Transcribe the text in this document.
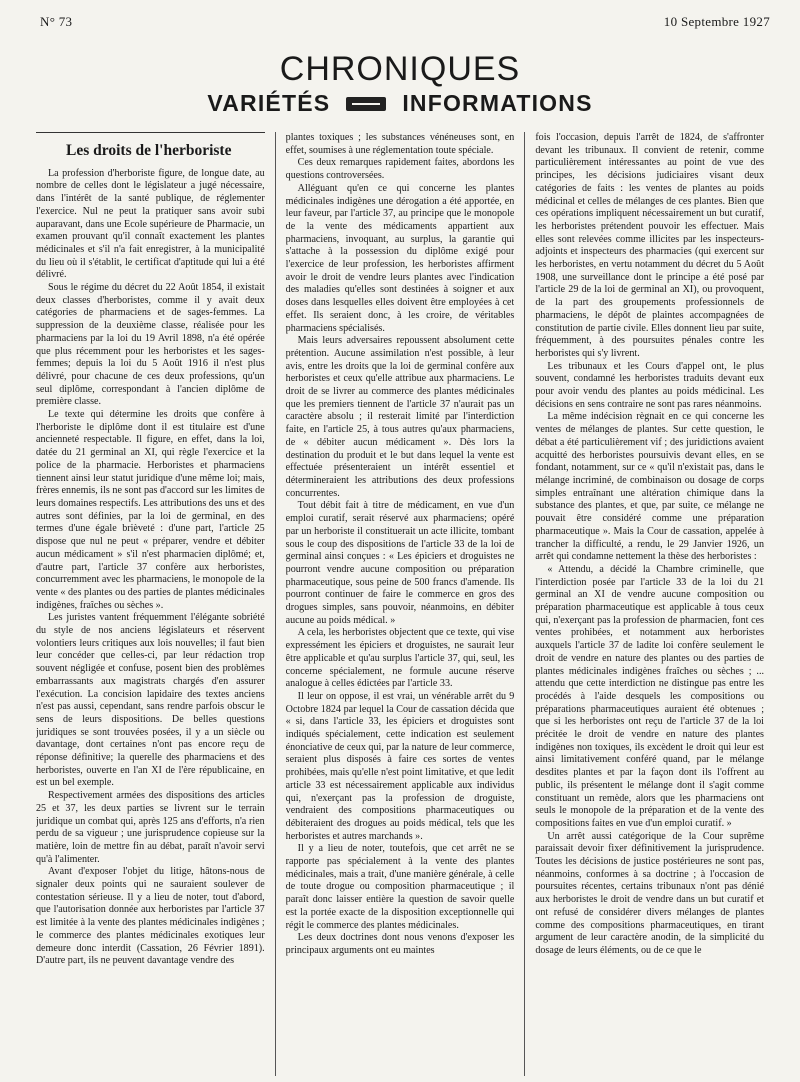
N° 73	10 Septembre 1927
CHRONIQUES
VARIÉTÉS	INFORMATIONS
Les droits de l'herboriste

La profession d'herboriste figure, de longue date, au nombre de celles dont le législateur a jugé nécessaire, dans l'intérêt de la santé publique, de réglementer l'exercice. Nul ne peut la pratiquer sans avoir subi auparavant, dans une Ecole supérieure de Pharmacie, un examen prouvant qu'il connaît exactement les plantes médicinales et s'il n'a fait enregistrer, à la municipalité du lieu où il s'établit, le certificat d'aptitude qui lui a été délivré.

Sous le régime du décret du 22 Août 1854, il existait deux classes d'herboristes, comme il y avait deux catégories de pharmaciens et de sages-femmes. La suppression de la deuxième classe, réalisée pour les pharmaciens par la loi du 19 Avril 1898, n'a été opérée que plus récemment pour les herboristes et les sages-femmes; depuis la loi du 5 Août 1916 il n'est plus délivré, pour chacune de ces deux professions, qu'un seul diplôme, correspondant à l'ancien diplôme de première classe.

Le texte qui détermine les droits que confère à l'herboriste le diplôme dont il est titulaire est d'une ancienneté respectable. Il figure, en effet, dans la loi, datée du 21 germinal an XI, qui règle l'exercice et la police de la pharmacie. Herboristes et pharmaciens tiennent ainsi leur statut juridique d'une même loi; mais, frères ennemis, ils ne sont pas d'accord sur les limites de leurs domaines respectifs. Les attributions des uns et des autres sont définies, par la loi de germinal, en des termes d'une égale brièveté : d'une part, l'article 25 dispose que nul ne peut « préparer, vendre et débiter aucun médicament » s'il n'est pharmacien diplômé; et, d'autre part, l'article 37 confère aux herboristes, concurremment avec les pharmaciens, le monopole de la vente « des plantes ou des parties de plantes médicinales indigènes, fraîches ou sèches ».

Les juristes vantent fréquemment l'élégante sobriété du style de nos anciens législateurs et réservent volontiers leurs critiques aux lois nouvelles; il faut bien leur concéder que celles-ci, par leur rédaction trop souvent négligée et confuse, posent bien des problèmes embarrassants aux magistrats chargés d'en assurer l'exécution. La concision lapidaire des textes anciens n'est pas aussi, cependant, sans rendre parfois obscur le sens de leurs dispositions. De belles questions juridiques se sont trouvées posées, il y a un siècle ou davantage, dont certaines n'ont pas encore reçu de réponse définitive; la querelle des pharmaciens et des herboristes, ouverte en l'an XI de l'ère républicaine, en est un bel exemple.

Respectivement armées des dispositions des articles 25 et 37, les deux parties se livrent sur le terrain juridique un combat qui, après 125 ans d'efforts, n'a rien perdu de sa vigueur ; une jurisprudence copieuse sur la matière, loin de mettre fin au débat, paraît n'avoir servi qu'à l'alimenter.

Avant d'exposer l'objet du litige, hâtons-nous de signaler deux points qui ne sauraient soulever de contestation sérieuse. Il y a lieu de noter, tout d'abord, que l'autorisation donnée aux herboristes par l'article 37 est limitée à la vente des plantes médicinales indigènes ; le commerce des plantes médicinales exotiques leur demeure donc interdit (Cassation, 26 Février 1891). D'autre part, ils ne peuvent davantage vendre des

plantes toxiques ; les substances vénéneuses sont, en effet, soumises à une réglementation toute spéciale.

Ces deux remarques rapidement faites, abordons les questions controversées.

Alléguant qu'en ce qui concerne les plantes médicinales indigènes une dérogation a été apportée, en leur faveur, par l'article 37, au principe que le monopole de la vente des médicaments appartient aux pharmaciens, invoquant, au surplus, la garantie qui s'attache à la possession du diplôme exigé pour l'exercice de leur profession, les herboristes affirment avoir le droit de vendre leurs plantes avec l'indication des maladies qu'elles sont destinées à soigner et aux doses dans lesquelles elles doivent être employées à cet effet. Ils seraient donc, à les croire, de véritables pharmaciens spécialisés.

Mais leurs adversaires repoussent absolument cette prétention. Aucune assimilation n'est possible, à leur avis, entre les droits que la loi de germinal confère aux herboristes et ceux qu'elle attribue aux pharmaciens. Le droit de se livrer au commerce des plantes médicinales que les premiers tiennent de l'article 37 n'aurait pas un caractère absolu ; il resterait limité par l'interdiction faite, en l'article 25, à tous autres qu'aux pharmaciens, de « débiter aucun médicament ». Dès lors la destination du produit et le but dans lequel la vente est effectuée présenteraient un intérêt essentiel et détermineraient les attributions des deux professions concurrentes.

Tout débit fait à titre de médicament, en vue d'un emploi curatif, serait réservé aux pharmaciens; opéré par un herboriste il constituerait un acte illicite, tombant sous le coup des dispositions de l'article 33 de la loi de germinal ainsi conçues : « Les épiciers et droguistes ne pourront vendre aucune composition ou préparation pharmaceutique, sous peine de 500 francs d'amende. Ils pourront continuer de faire le commerce en gros des drogues simples, sans pouvoir, néanmoins, en débiter aucune au poids médical. »

A cela, les herboristes objectent que ce texte, qui vise expressément les épiciers et droguistes, ne saurait leur être applicable et qu'au surplus l'article 37, qui, seul, les concerne spécialement, ne formule aucune réserve analogue à celles édictées par l'article 33.

Il leur on oppose, il est vrai, un vénérable arrêt du 9 Octobre 1824 par lequel la Cour de cassation décida que « si, dans l'article 33, les épiciers et droguistes sont indiqués spécialement, cette indication est seulement énonciative de ceux qui, par la nature de leur commerce, seraient plus disposés à faire ces sortes de ventes prohibées, mais qu'elle n'est point limitative, et que ledit article 33 est nécessairement applicable aux individus qui, n'exerçant pas la profession de droguiste, vendraient des compositions pharmaceutiques ou débiteraient des drogues au poids médical, tels que les herboristes et autres marchands ».

Il y a lieu de noter, toutefois, que cet arrêt ne se rapporte pas spécialement à la vente des plantes médicinales, mais a trait, d'une manière générale, à celle de toute drogue ou composition pharmaceutique ; il paraît donc laisser entière la question de savoir quelle est la portée exacte de la disposition exceptionnelle qui régit le commerce des plantes médicinales.

Les deux doctrines dont nous venons d'exposer les principaux arguments ont eu maintes

fois l'occasion, depuis l'arrêt de 1824, de s'affronter devant les tribunaux. Il convient de retenir, comme particulièrement intéressantes au point de vue des principes, les décisions judiciaires visant deux catégories de faits : les ventes de plantes au poids médicinal et celles de mélanges de ces plantes. Bien que ces opérations impliquent nécessairement un but curatif, les herboristes prétendent pouvoir les effectuer. Mais elles sont relevées comme illicites par les inspecteurs-adjoints et inspecteurs des pharmacies (qui exercent sur les herboristes, en vertu notamment du décret du 5 Août 1908, une surveillance dont le principe a été posé par l'article 29 de la loi de germinal an XI), ou provoquent, de la part des groupements professionnels de pharmaciens, le dépôt de plaintes accompagnées de constitution de partie civile. Elles donnent lieu par suite, fréquemment, à des poursuites pénales contre les herboristes qui s'y livrent.

Les tribunaux et les Cours d'appel ont, le plus souvent, condamné les herboristes traduits devant eux pour avoir vendu des plantes au poids médicinal. Les décisions en sens contraire ne sont pas rares néanmoins.

La même indécision règnait en ce qui concerne les ventes de mélanges de plantes. Sur cette question, le débat a été particulièrement vif ; des juridictions avaient acquitté des herboristes poursuivis devant elles, en se fondant, notamment, sur ce « qu'il n'existait pas, dans le mélange incriminé, de combinaison ou dosage de corps simples entraînant une altération chimique dans la substance des plantes, et que, par suite, ce mélange ne pouvait être considéré comme une préparation pharmaceutique ». Mais la Cour de cassation, appelée à trancher la difficulté, a rendu, le 29 Janvier 1926, un arrêt qui condamne nettement la thèse des herboristes :

« Attendu, a décidé la Chambre criminelle, que l'interdiction posée par l'article 33 de la loi du 21 germinal an XI de vendre aucune composition ou préparation pharmaceutique est applicable à tous ceux qui, n'exerçant pas la profession de pharmacien, font ces ventes prohibées, et notamment aux herboristes auxquels l'article 37 de ladite loi confère seulement le droit de vendre en nature des plantes ou des parties de plantes médicinales indigènes fraîches ou sèches ; ... attendu que cette interdiction ne distingue pas entre les procédés à l'aide desquels les compositions ou préparations pharmaceutiques auraient été obtenues ; que si les herboristes ont reçu de l'article 37 de la loi précitée le droit de vendre en nature des plantes indigènes non toxiques, ils excèdent le droit qui leur est ainsi limitativement conféré quand, par le mélange desdites plantes et par la façon dont ils l'offrent au public, ils présentent le mélange dont il s'agit comme constituant un remède, alors que les pharmaciens ont seuls le monopole de la préparation et de la vente des compositions faites en vue d'un emploi curatif. »

Un arrêt aussi catégorique de la Cour suprême paraissait devoir fixer définitivement la jurisprudence. Toutes les décisions de justice postérieures ne sont pas, néanmoins, conformes à sa doctrine ; à l'occasion de poursuites récentes, certains tribunaux n'ont pas dénié aux herboristes le droit de vendre dans un but curatif et ont refusé de considérer divers mélanges de plantes comme des compositions pharmaceutiques, en tirant argument de leur caractère anodin, de la simplicité du dosage de leurs éléments, ou de ce que le
